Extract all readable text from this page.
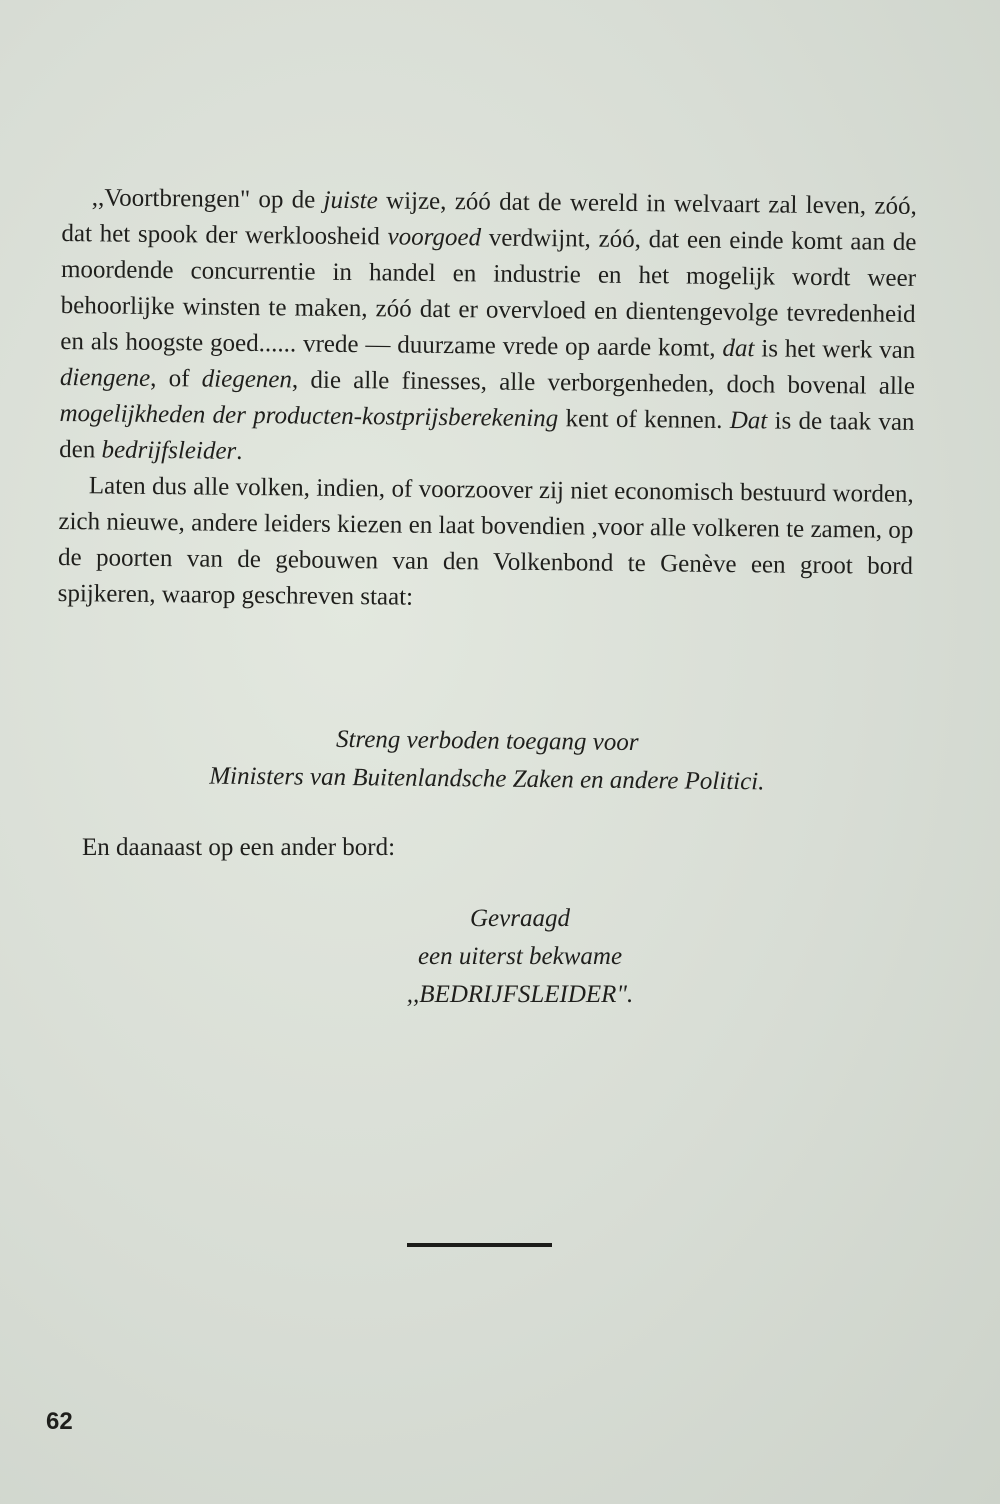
,,Voortbrengen" op de juiste wijze, zóó dat de wereld in welvaart zal leven, zóó, dat het spook der werkloosheid voorgoed verdwijnt, zóó, dat een einde komt aan de moordende concurrentie in handel en industrie en het mogelijk wordt weer behoorlijke winsten te maken, zóó dat er overvloed en dientengevolge tevredenheid en als hoogste goed...... vrede — duurzame vrede op aarde komt, dat is het werk van diengene, of diegenen, die alle finesses, alle verborgenheden, doch bovenal alle mogelijkheden der producten-kostprijsberekening kent of kennen. Dat is de taak van den bedrijfsleider.

Laten dus alle volken, indien, of voorzoover zij niet economisch bestuurd worden, zich nieuwe, andere leiders kiezen en laat bovendien ,voor alle volkeren te zamen, op de poorten van de gebouwen van den Volkenbond te Genève een groot bord spijkeren, waarop geschreven staat:

Streng verboden toegang voor
Ministers van Buitenlandsche Zaken en andere Politici.
En daanaast op een ander bord:
Gevraagd
een uiterst bekwame
,,BEDRIJFSLEIDER".
62
